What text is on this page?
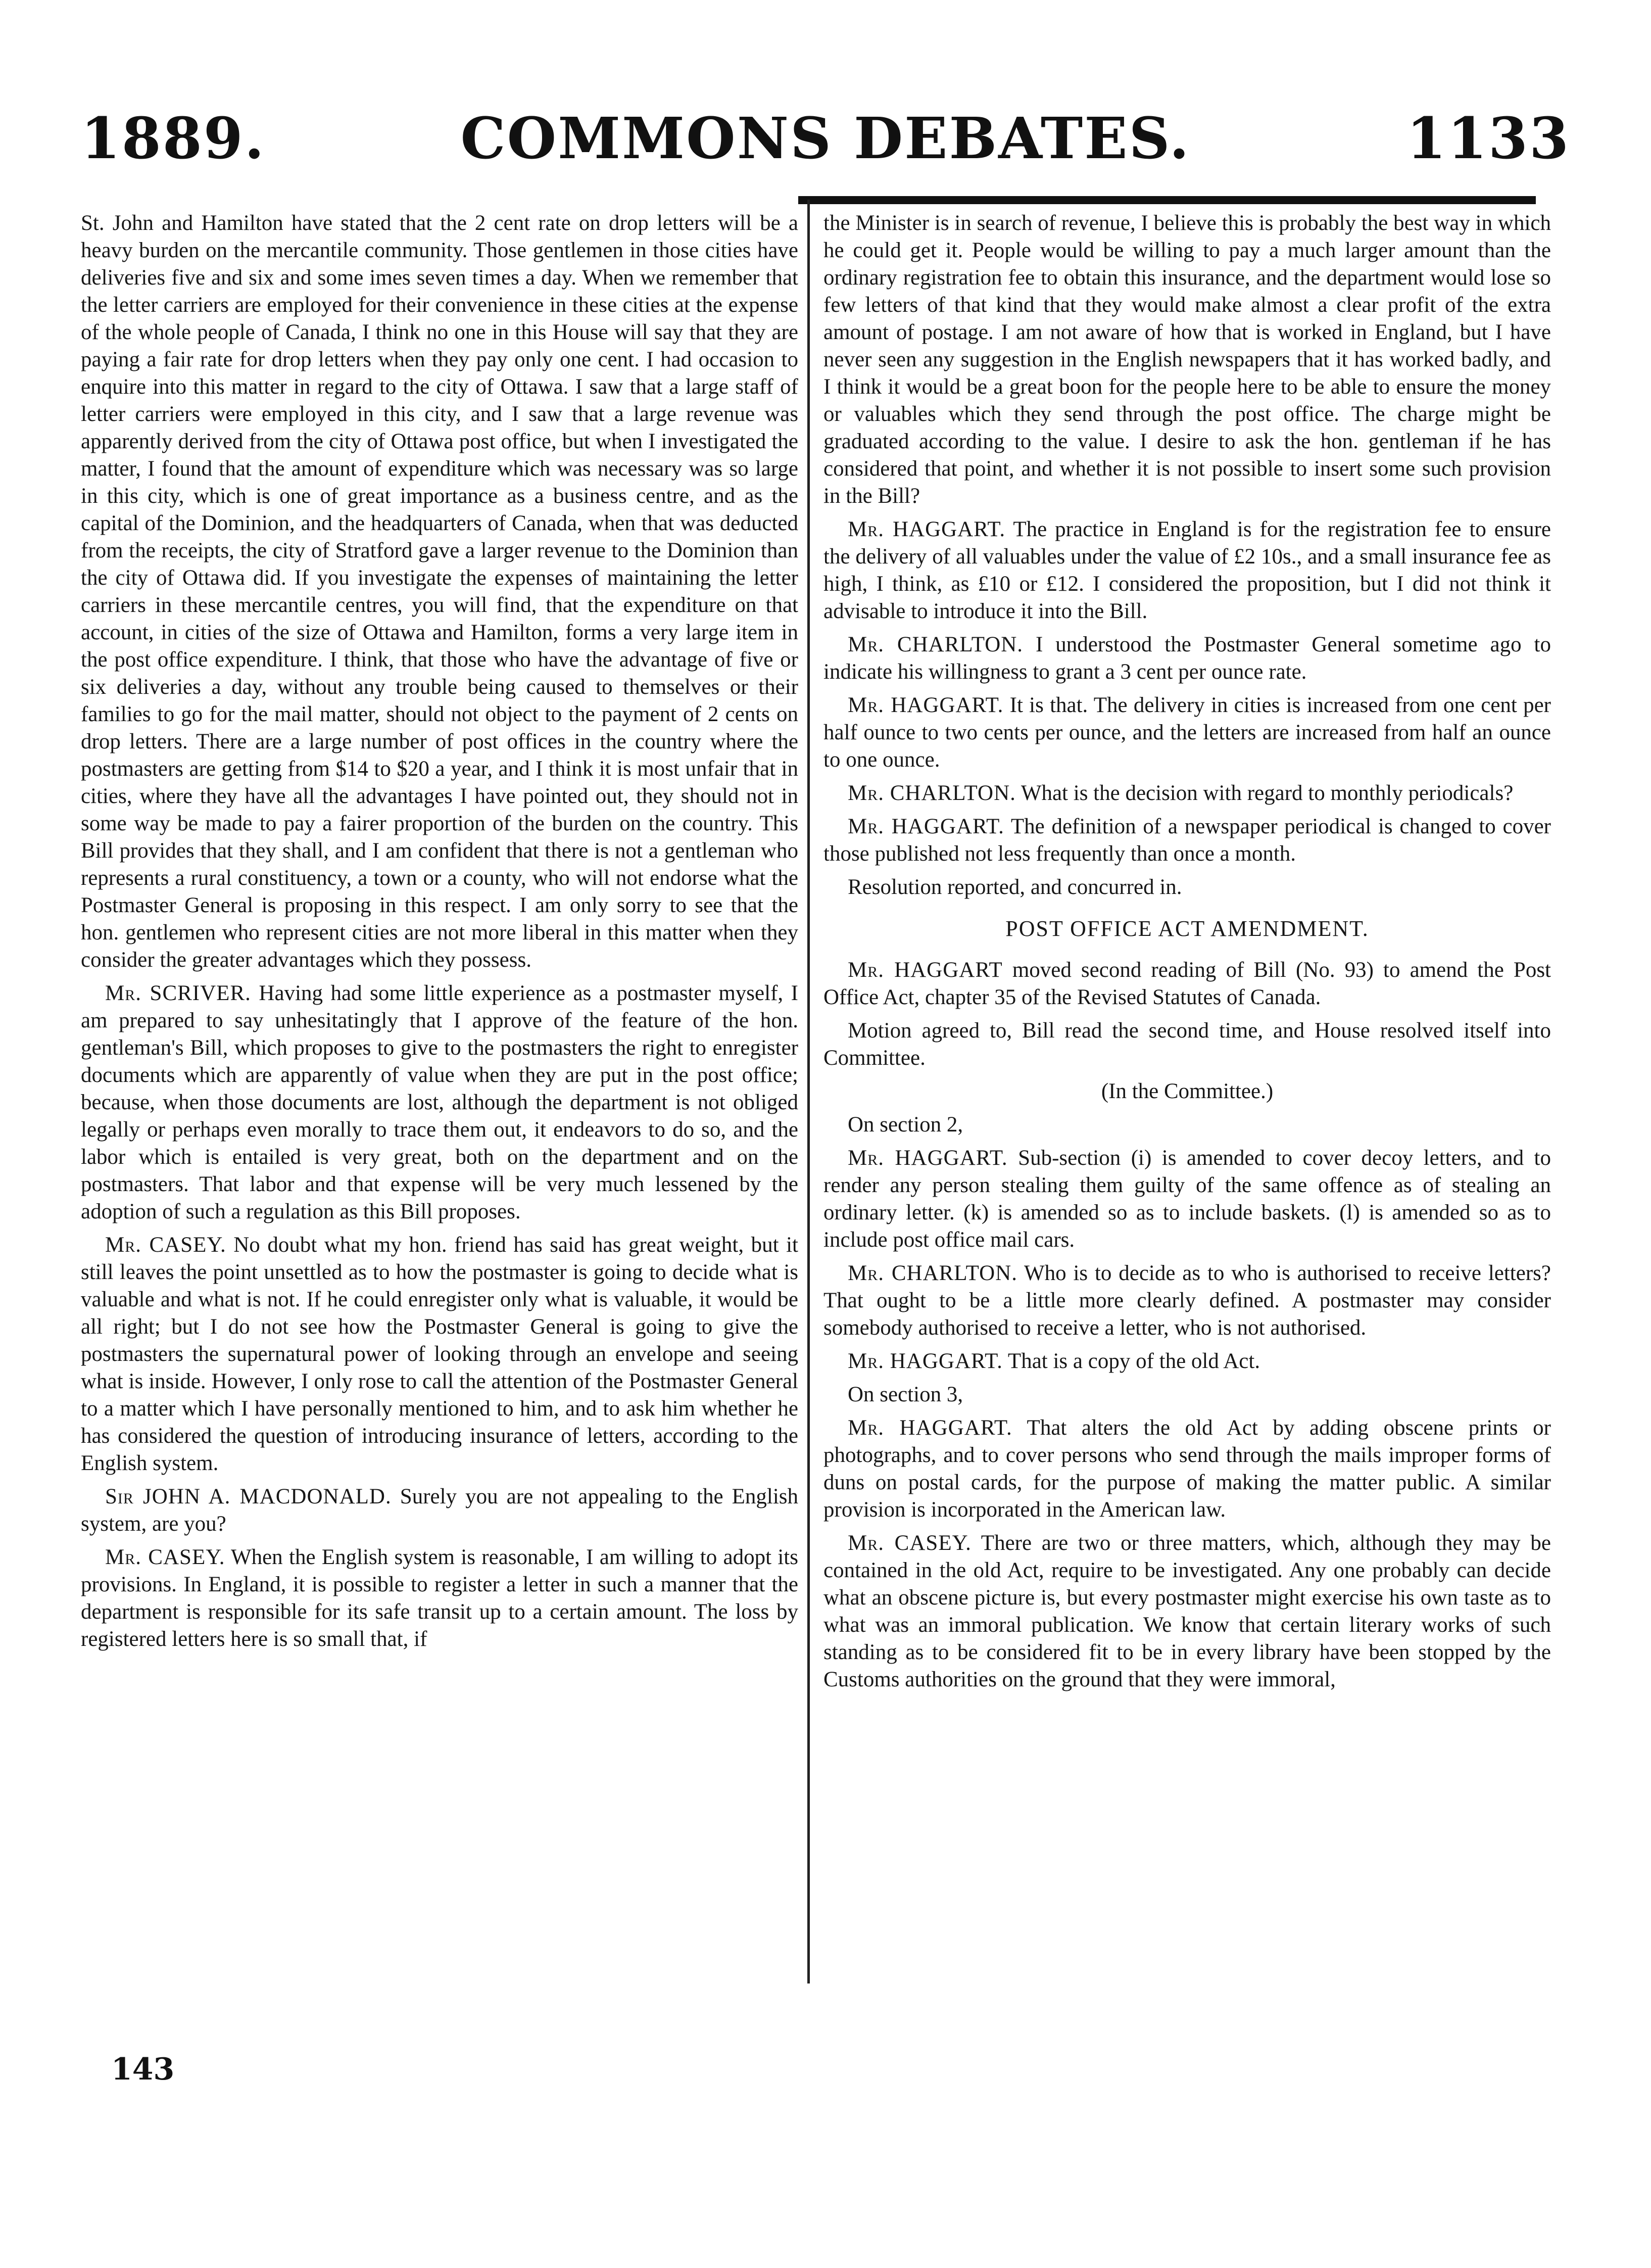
1889.	COMMONS DEBATES.	1133

St. John and Hamilton have stated that the 2 cent rate on drop letters will be a heavy burden on the mercantile community. Those gentlemen in those cities have deliveries five and six and some imes seven times a day. When we remember that the letter carriers are employed for their convenience in these cities at the expense of the whole people of Canada, I think no one in this House will say that they are paying a fair rate for drop letters when they pay only one cent. I had occasion to enquire into this matter in regard to the city of Ottawa. I saw that a large staff of letter carriers were employed in this city, and I saw that a large revenue was apparently derived from the city of Ottawa post office, but when I investigated the matter, I found that the amount of expenditure which was necessary was so large in this city, which is one of great importance as a business centre, and as the capital of the Dominion, and the headquarters of Canada, when that was deducted from the receipts, the city of Stratford gave a larger revenue to the Dominion than the city of Ottawa did. If you investigate the expenses of maintaining the letter carriers in these mercantile centres, you will find, that the expenditure on that account, in cities of the size of Ottawa and Hamilton, forms a very large item in the post office expenditure. I think, that those who have the advantage of five or six deliveries a day, without any trouble being caused to themselves or their families to go for the mail matter, should not object to the payment of 2 cents on drop letters. There are a large number of post offices in the country where the postmasters are getting from $14 to $20 a year, and I think it is most unfair that in cities, where they have all the advantages I have pointed out, they should not in some way be made to pay a fairer proportion of the burden on the country. This Bill provides that they shall, and I am confident that there is not a gentleman who represents a rural constituency, a town or a county, who will not endorse what the Postmaster General is proposing in this respect. I am only sorry to see that the hon. gentlemen who represent cities are not more liberal in this matter when they consider the greater advantages which they possess.

Mr. SCRIVER. Having had some little experience as a postmaster myself, I am prepared to say unhesitatingly that I approve of the feature of the hon. gentleman's Bill, which proposes to give to the postmasters the right to enregister documents which are apparently of value when they are put in the post office; because, when those documents are lost, although the department is not obliged legally or perhaps even morally to trace them out, it endeavors to do so, and the labor which is entailed is very great, both on the department and on the postmasters. That labor and that expense will be very much lessened by the adoption of such a regulation as this Bill proposes.

Mr. CASEY. No doubt what my hon. friend has said has great weight, but it still leaves the point unsettled as to how the postmaster is going to decide what is valuable and what is not. If he could enregister only what is valuable, it would be all right; but I do not see how the Postmaster General is going to give the postmasters the supernatural power of looking through an envelope and seeing what is inside. However, I only rose to call the attention of the Postmaster General to a matter which I have personally mentioned to him, and to ask him whether he has considered the question of introducing insurance of letters, according to the English system.

Sir JOHN A. MACDONALD. Surely you are not appealing to the English system, are you?

Mr. CASEY. When the English system is reasonable, I am willing to adopt its provisions. In England, it is possible to register a letter in such a manner that the department is responsible for its safe transit up to a certain amount. The loss by registered letters here is so small that, if

143

the Minister is in search of revenue, I believe this is probably the best way in which he could get it. People would be willing to pay a much larger amount than the ordinary registration fee to obtain this insurance, and the department would lose so few letters of that kind that they would make almost a clear profit of the extra amount of postage. I am not aware of how that is worked in England, but I have never seen any suggestion in the English newspapers that it has worked badly, and I think it would be a great boon for the people here to be able to ensure the money or valuables which they send through the post office. The charge might be graduated according to the value. I desire to ask the hon. gentleman if he has considered that point, and whether it is not possible to insert some such provision in the Bill?

Mr. HAGGART. The practice in England is for the registration fee to ensure the delivery of all valuables under the value of £2 10s., and a small insurance fee as high, I think, as £10 or £12. I considered the proposition, but I did not think it advisable to introduce it into the Bill.

Mr. CHARLTON. I understood the Postmaster General sometime ago to indicate his willingness to grant a 3 cent per ounce rate.

Mr. HAGGART. It is that. The delivery in cities is increased from one cent per half ounce to two cents per ounce, and the letters are increased from half an ounce to one ounce.

Mr. CHARLTON. What is the decision with regard to monthly periodicals?

Mr. HAGGART. The definition of a newspaper periodical is changed to cover those published not less frequently than once a month.

Resolution reported, and concurred in.

POST OFFICE ACT AMENDMENT.

Mr. HAGGART moved second reading of Bill (No. 93) to amend the Post Office Act, chapter 35 of the Revised Statutes of Canada.

Motion agreed to, Bill read the second time, and House resolved itself into Committee.

(In the Committee.)

On section 2,

Mr. HAGGART. Sub-section (i) is amended to cover decoy letters, and to render any person stealing them guilty of the same offence as of stealing an ordinary letter. (k) is amended so as to include baskets. (l) is amended so as to include post office mail cars.

Mr. CHARLTON. Who is to decide as to who is authorised to receive letters? That ought to be a little more clearly defined. A postmaster may consider somebody authorised to receive a letter, who is not authorised.

Mr. HAGGART. That is a copy of the old Act.

On section 3,

Mr. HAGGART. That alters the old Act by adding obscene prints or photographs, and to cover persons who send through the mails improper forms of duns on postal cards, for the purpose of making the matter public. A similar provision is incorporated in the American law.

Mr. CASEY. There are two or three matters, which, although they may be contained in the old Act, require to be investigated. Any one probably can decide what an obscene picture is, but every postmaster might exercise his own taste as to what was an immoral publication. We know that certain literary works of such standing as to be considered fit to be in every library have been stopped by the Customs authorities on the ground that they were immoral,
